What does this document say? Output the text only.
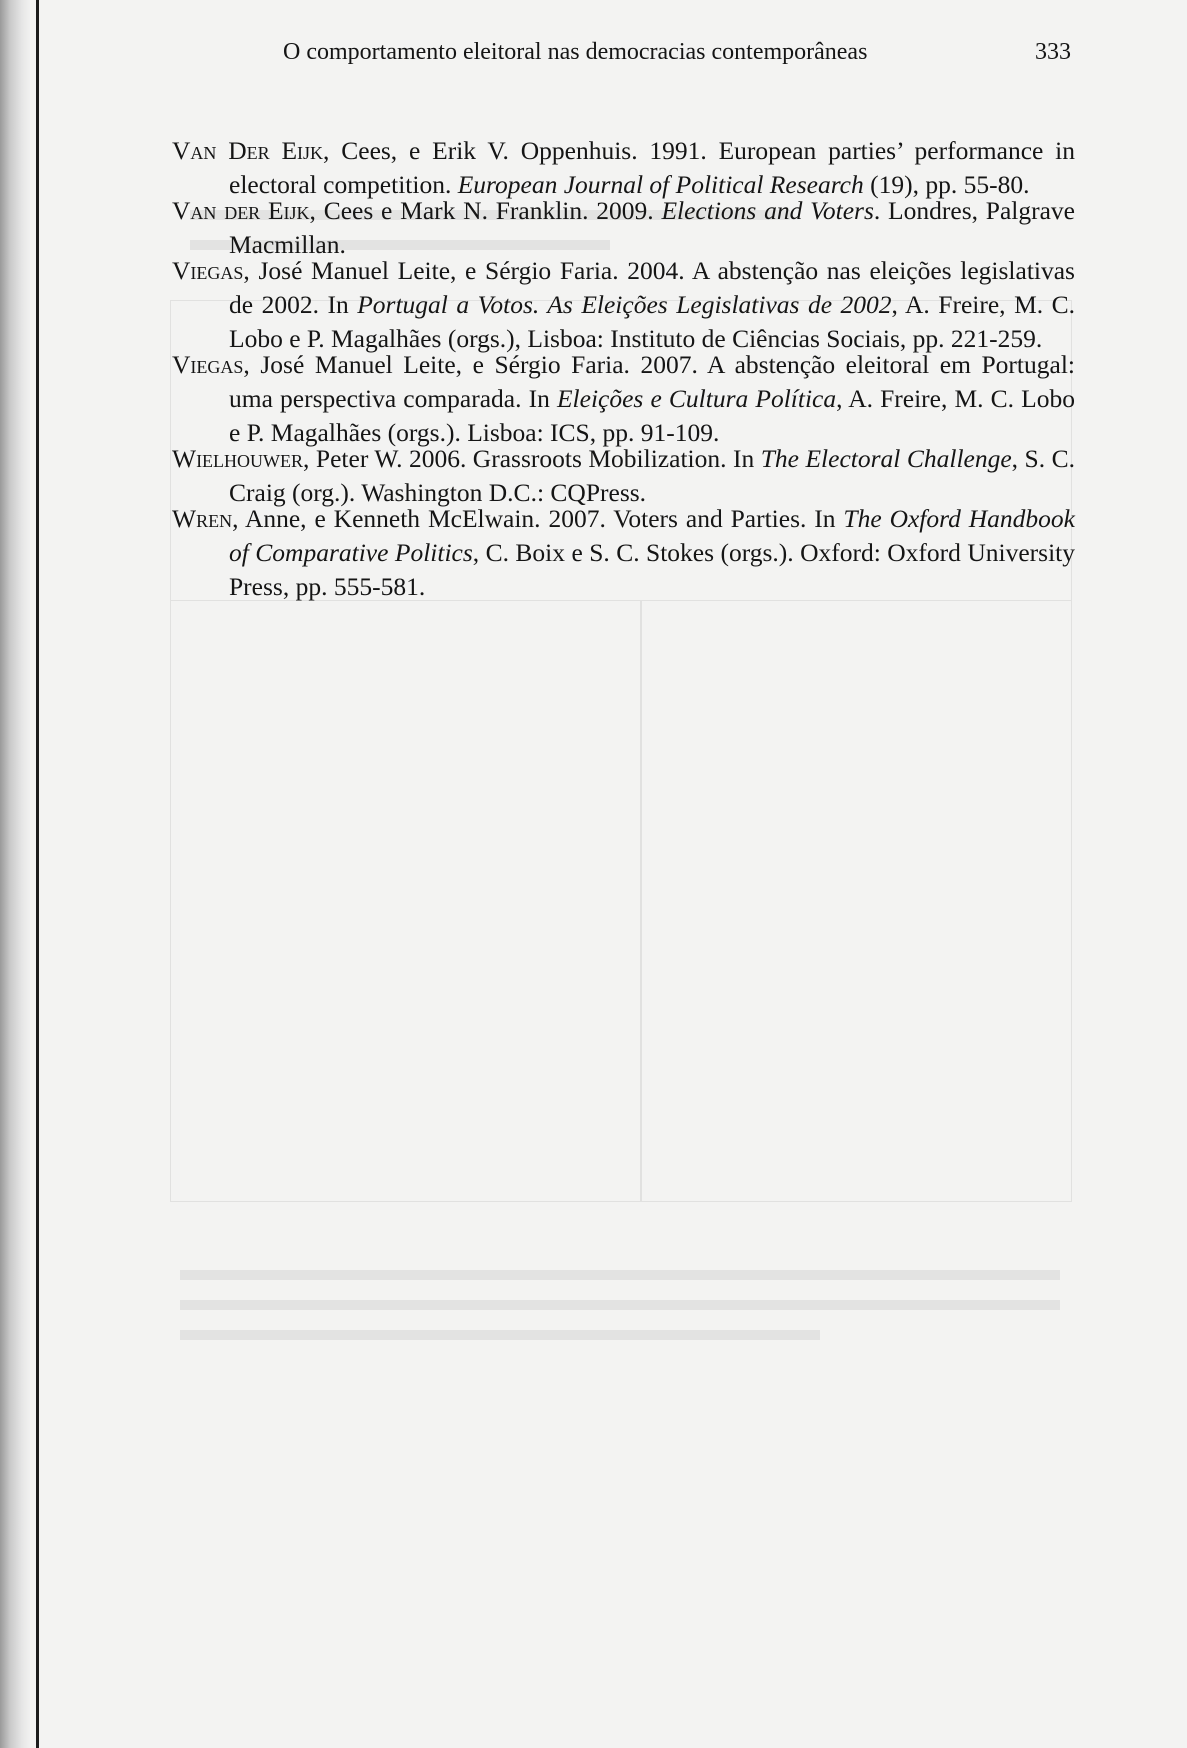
O comportamento eleitoral nas democracias contemporâneas	333
Van Der Eijk, Cees, e Erik V. Oppenhuis. 1991. European parties’ performance in electoral competition. European Journal of Political Research (19), pp. 55-80.
Van der Eijk, Cees e Mark N. Franklin. 2009. Elections and Voters. Londres, Palgrave Macmillan.
Viegas, José Manuel Leite, e Sérgio Faria. 2004. A abstenção nas eleições legislativas de 2002. In Portugal a Votos. As Eleições Legislativas de 2002, A. Freire, M. C. Lobo e P. Magalhães (orgs.), Lisboa: Instituto de Ciências Sociais, pp. 221-259.
Viegas, José Manuel Leite, e Sérgio Faria. 2007. A abstenção eleitoral em Portugal: uma perspectiva comparada. In Eleições e Cultura Política, A. Freire, M. C. Lobo e P. Magalhães (orgs.). Lisboa: ICS, pp. 91-109.
Wielhouwer, Peter W. 2006. Grassroots Mobilization. In The Electoral Challenge, S. C. Craig (org.). Washington D.C.: CQPress.
Wren, Anne, e Kenneth McElwain. 2007. Voters and Parties. In The Oxford Handbook of Comparative Politics, C. Boix e S. C. Stokes (orgs.). Oxford: Oxford University Press, pp. 555-581.
